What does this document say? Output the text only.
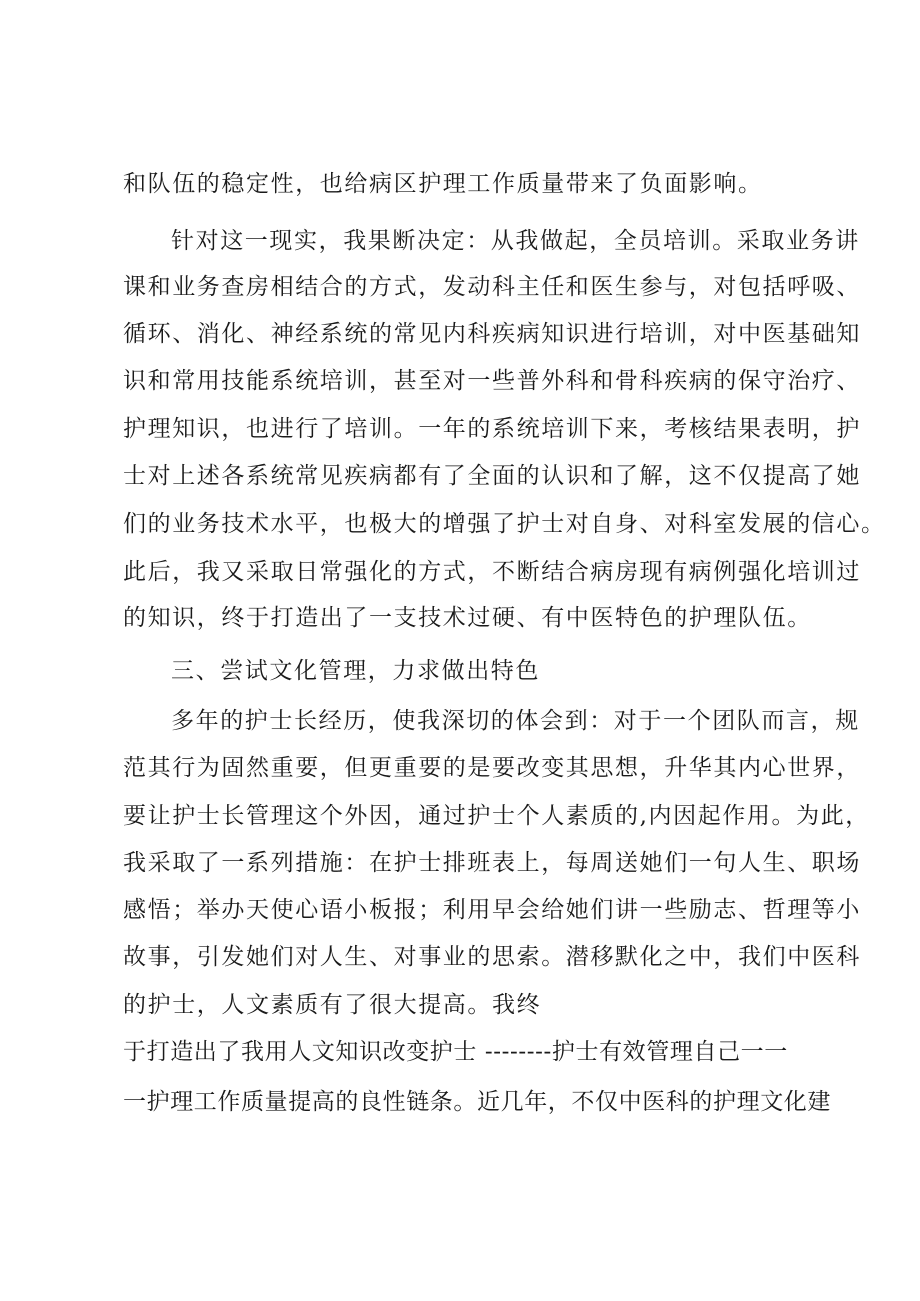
和队伍的稳定性，也给病区护理工作质量带来了负面影响。
针对这一现实，我果断决定：从我做起，全员培训。采取业务讲
课和业务查房相结合的方式，发动科主任和医生参与，对包括呼吸、
循环、消化、神经系统的常见内科疾病知识进行培训，对中医基础知
识和常用技能系统培训，甚至对一些普外科和骨科疾病的保守治疗、
护理知识，也进行了培训。一年的系统培训下来，考核结果表明，护
士对上述各系统常见疾病都有了全面的认识和了解，这不仅提高了她
们的业务技术水平，也极大的增强了护士对自身、对科室发展的信心。
此后，我又采取日常强化的方式，不断结合病房现有病例强化培训过
的知识，终于打造出了一支技术过硬、有中医特色的护理队伍。
三、尝试文化管理，力求做出特色
多年的护士长经历，使我深切的体会到：对于一个团队而言，规
范其行为固然重要，但更重要的是要改变其思想，升华其内心世界，
要让护士长管理这个外因，通过护士个人素质的,内因起作用。为此，
我采取了一系列措施：在护士排班表上，每周送她们一句人生、职场
感悟；举办天使心语小板报；利用早会给她们讲一些励志、哲理等小
故事，引发她们对人生、对事业的思索。潜移默化之中，我们中医科
的护士，人文素质有了很大提高。我终
于打造出了我用人文知识改变护士 --------护士有效管理自己一一
一护理工作质量提高的良性链条。近几年，不仅中医科的护理文化建
